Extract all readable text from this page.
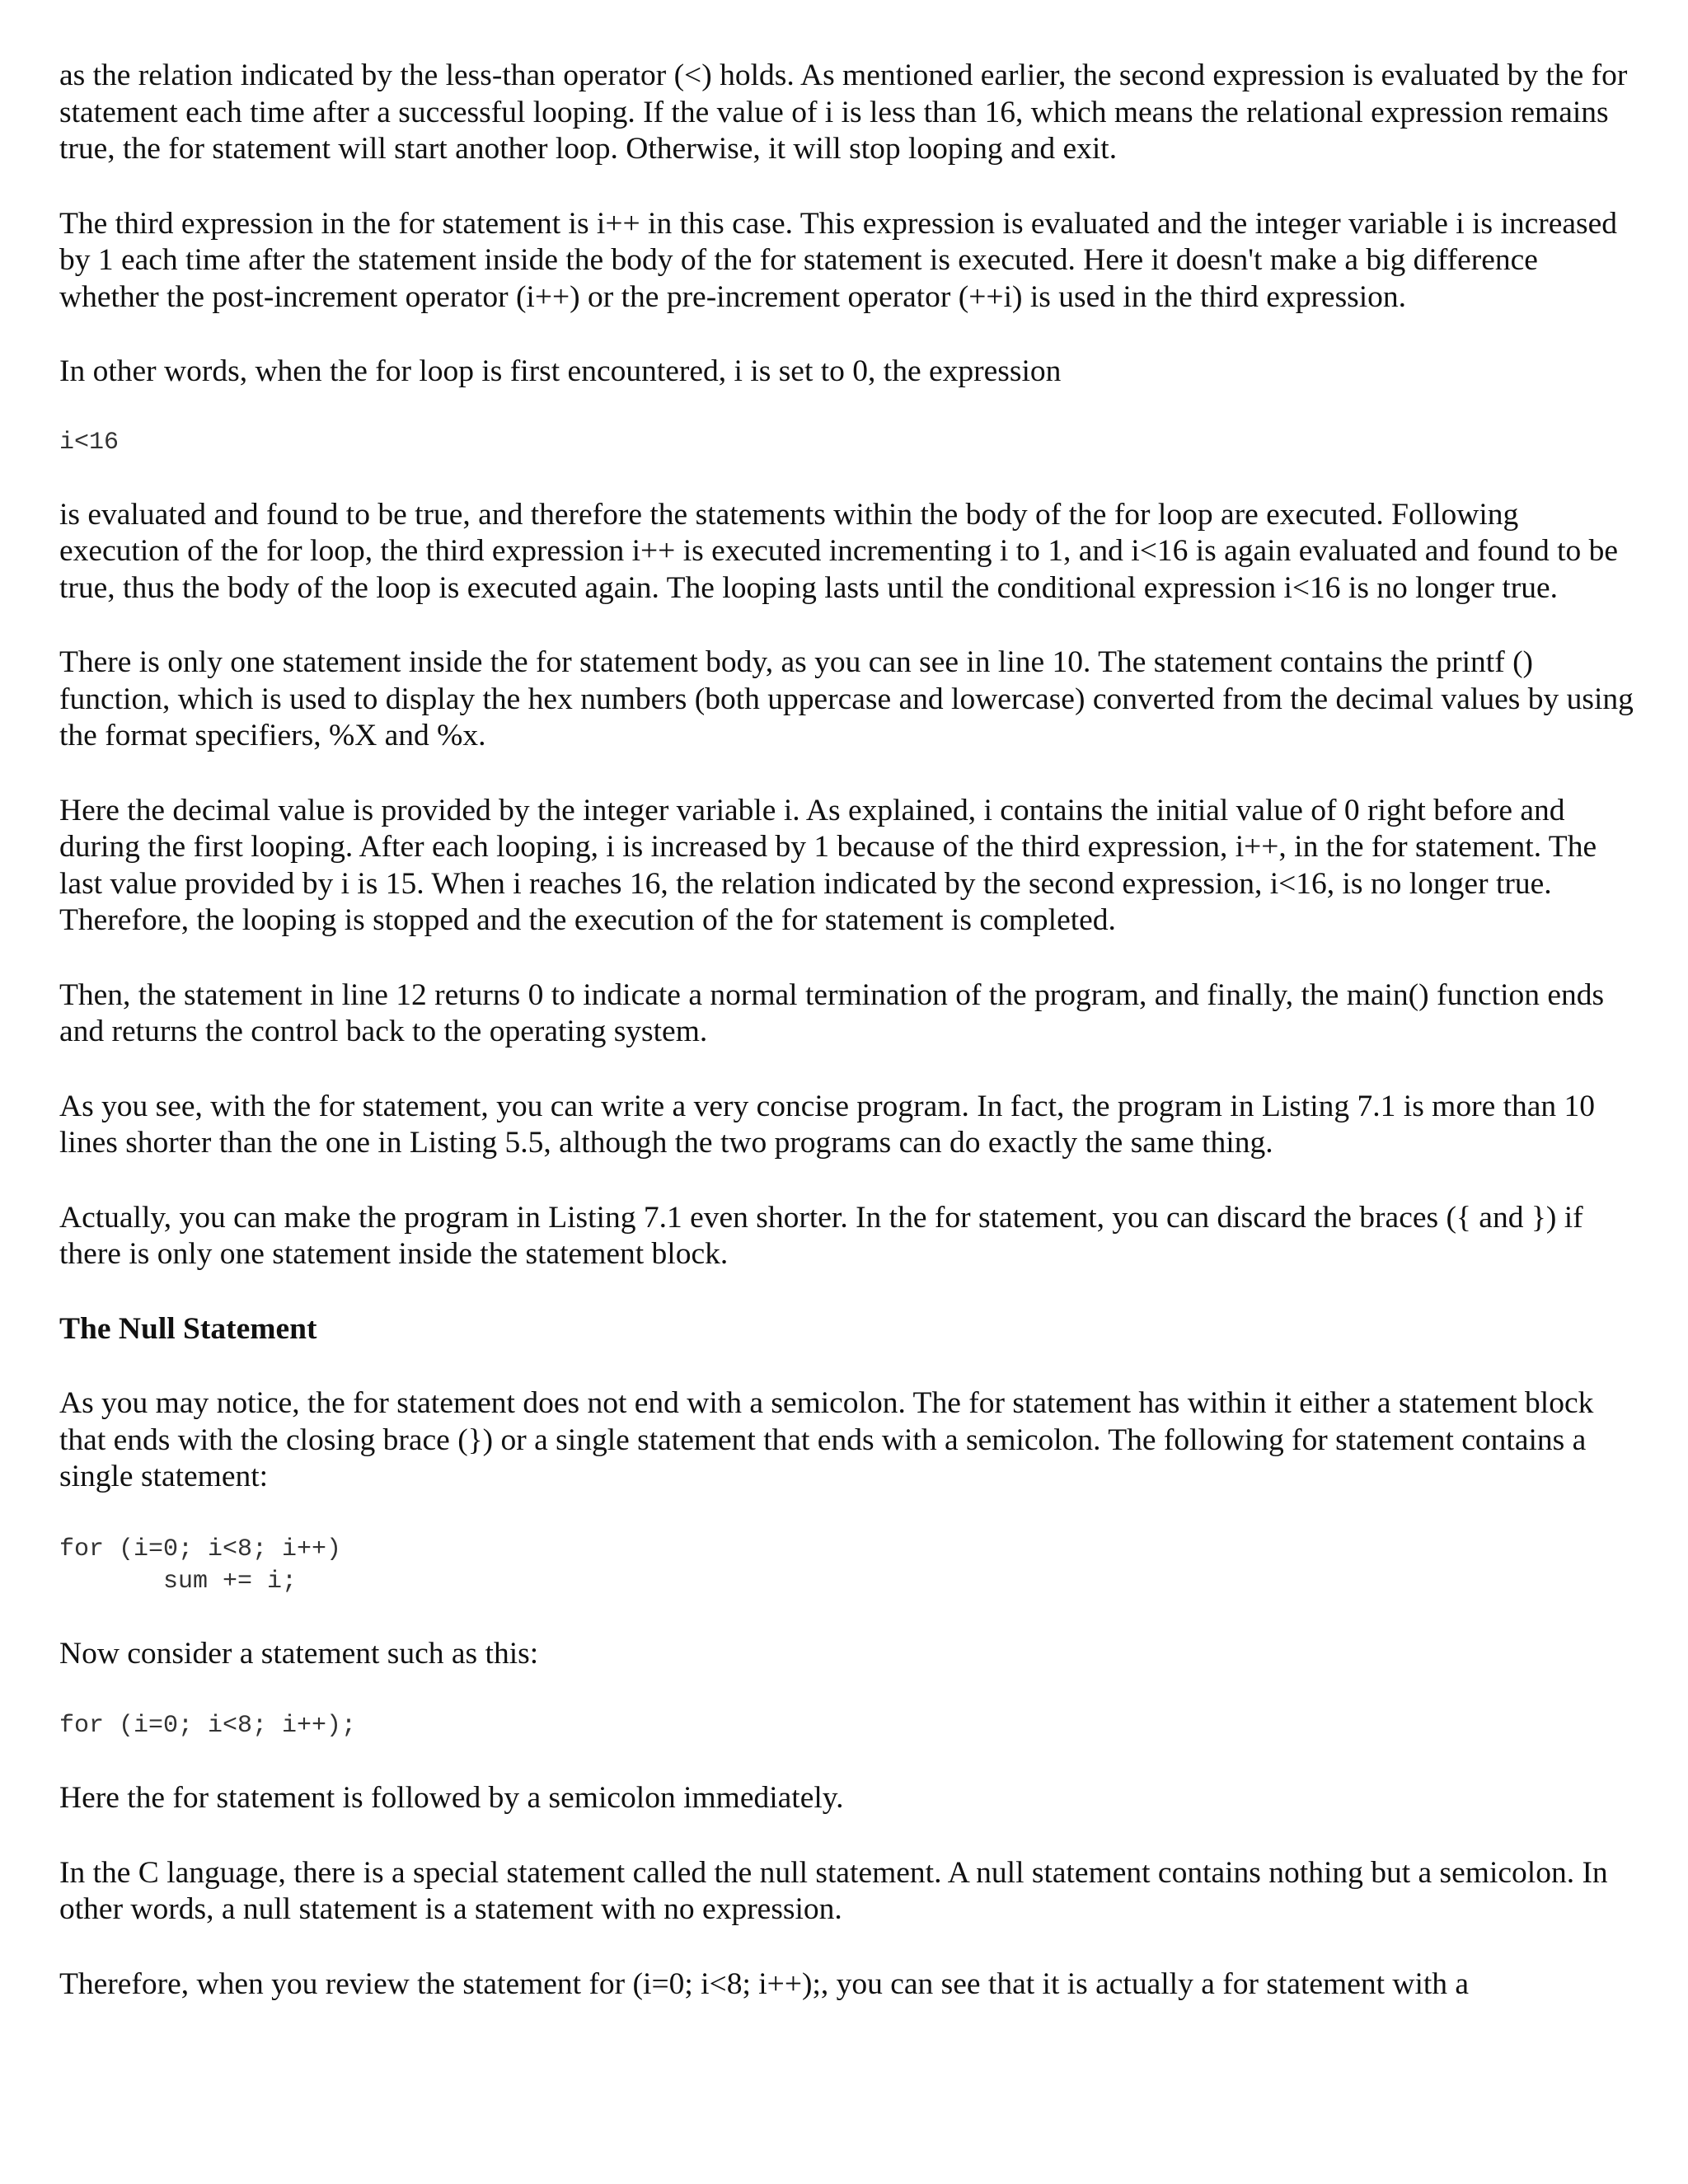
as the relation indicated by the less-than operator (<) holds. As mentioned earlier, the second expression is evaluated by the for statement each time after a successful looping. If the value of i is less than 16, which means the relational expression remains true, the for statement will start another loop. Otherwise, it will stop looping and exit.

The third expression in the for statement is i++ in this case. This expression is evaluated and the integer variable i is increased by 1 each time after the statement inside the body of the for statement is executed. Here it doesn't make a big difference whether the post-increment operator (i++) or the pre-increment operator (++i) is used in the third expression.

In other words, when the for loop is first encountered, i is set to 0, the expression

i<16

is evaluated and found to be true, and therefore the statements within the body of the for loop are executed. Following execution of the for loop, the third expression i++ is executed incrementing i to 1, and i<16 is again evaluated and found to be true, thus the body of the loop is executed again. The looping lasts until the conditional expression i<16 is no longer true.

There is only one statement inside the for statement body, as you can see in line 10. The statement contains the printf () function, which is used to display the hex numbers (both uppercase and lowercase) converted from the decimal values by using the format specifiers, %X and %x.

Here the decimal value is provided by the integer variable i. As explained, i contains the initial value of 0 right before and during the first looping. After each looping, i is increased by 1 because of the third expression, i++, in the for statement. The last value provided by i is 15. When i reaches 16, the relation indicated by the second expression, i<16, is no longer true. Therefore, the looping is stopped and the execution of the for statement is completed.

Then, the statement in line 12 returns 0 to indicate a normal termination of the program, and finally, the main() function ends and returns the control back to the operating system.

As you see, with the for statement, you can write a very concise program. In fact, the program in Listing 7.1 is more than 10 lines shorter than the one in Listing 5.5, although the two programs can do exactly the same thing.

Actually, you can make the program in Listing 7.1 even shorter. In the for statement, you can discard the braces ({ and }) if there is only one statement inside the statement block.

The Null Statement

As you may notice, the for statement does not end with a semicolon. The for statement has within it either a statement block that ends with the closing brace (}) or a single statement that ends with a semicolon. The following for statement contains a single statement:

for (i=0; i<8; i++)
sum += i;

Now consider a statement such as this:

for (i=0; i<8; i++);

Here the for statement is followed by a semicolon immediately.

In the C language, there is a special statement called the null statement. A null statement contains nothing but a semicolon. In other words, a null statement is a statement with no expression.

Therefore, when you review the statement for (i=0; i<8; i++);, you can see that it is actually a for statement with a
